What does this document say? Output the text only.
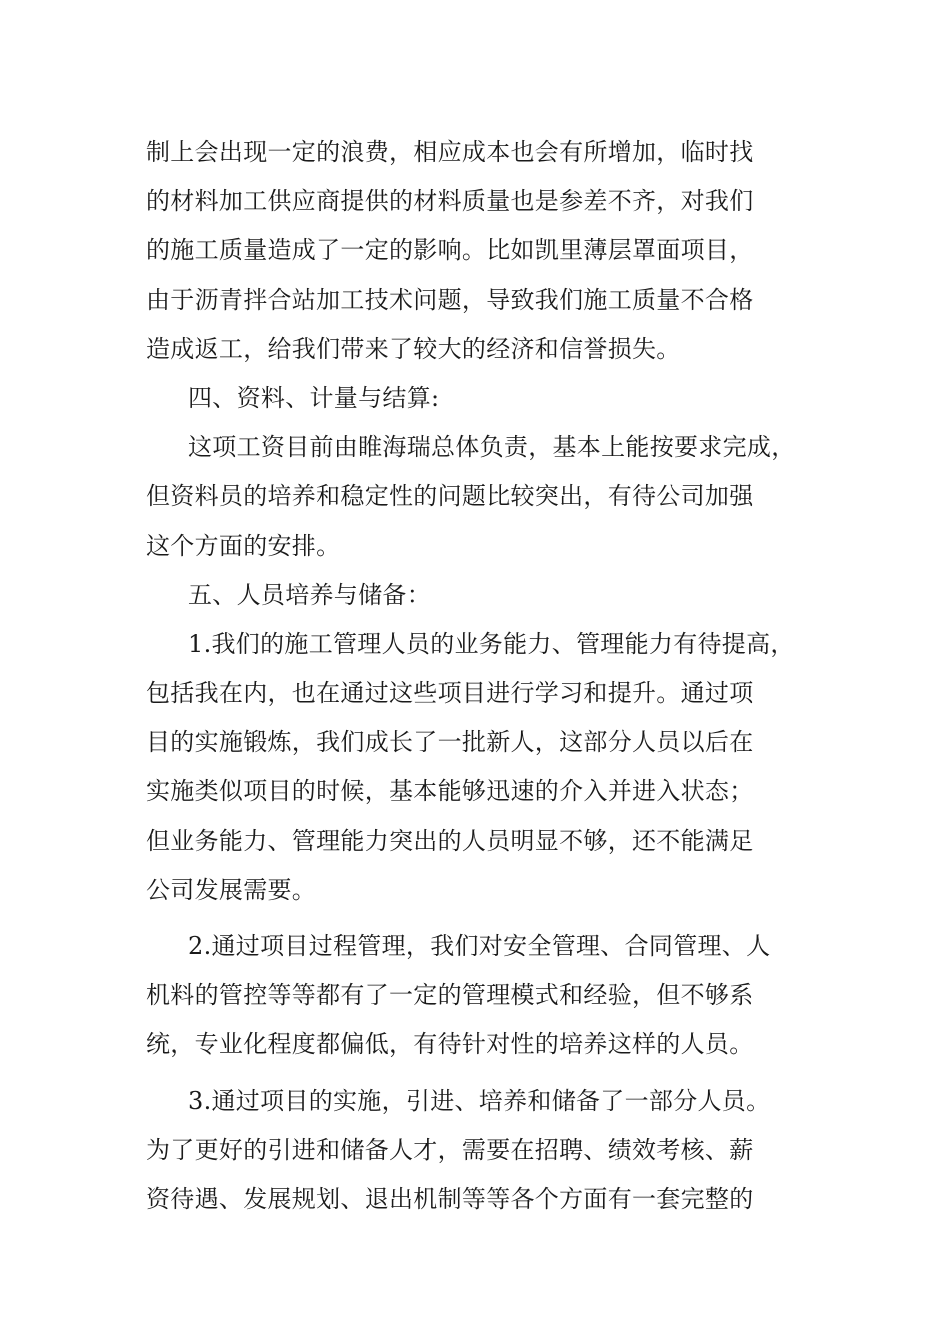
制上会出现一定的浪费，相应成本也会有所增加，临时找
的材料加工供应商提供的材料质量也是参差不齐，对我们
的施工质量造成了一定的影响。比如凯里薄层罩面项目，
由于沥青拌合站加工技术问题，导致我们施工质量不合格
造成返工，给我们带来了较大的经济和信誉损失。
四、资料、计量与结算:
这项工资目前由睢海瑞总体负责，基本上能按要求完成，
但资料员的培养和稳定性的问题比较突出，有待公司加强
这个方面的安排。
五、人员培养与储备：
1.我们的施工管理人员的业务能力、管理能力有待提高，
包括我在内，也在通过这些项目进行学习和提升。通过项
目的实施锻炼，我们成长了一批新人，这部分人员以后在
实施类似项目的时候，基本能够迅速的介入并进入状态；
但业务能力、管理能力突出的人员明显不够，还不能满足
公司发展需要。
2.通过项目过程管理，我们对安全管理、合同管理、人
机料的管控等等都有了一定的管理模式和经验，但不够系
统，专业化程度都偏低，有待针对性的培养这样的人员。
3.通过项目的实施，引进、培养和储备了一部分人员。
为了更好的引进和储备人才，需要在招聘、绩效考核、薪
资待遇、发展规划、退出机制等等各个方面有一套完整的
